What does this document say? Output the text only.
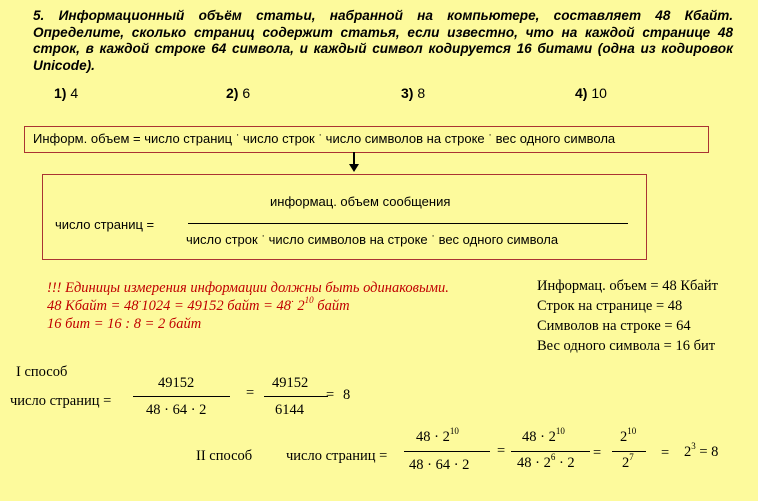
5. Информационный объём статьи, набранной на компьютере, составляет 48 Кбайт. Определите, сколько страниц содержит статья, если известно, что на каждой странице 48 строк, в каждой строке 64 символа, и каждый символ кодируется 16 битами (одна из кодировок Unicode).
1) 4	2) 6	3) 8	4) 10
Информ. объем = число страниц · число строк · число символов на строке · вес одного символа
число страниц =
информац. объем сообщения
число строк · число символов на строке · вес одного символа
!!! Единицы измерения информации должны быть одинаковыми.
48 Кбайт = 48·1024 = 49152 байт = 48· $2^{10}$ байт
16 бит = 16 : 8 = 2 байт
Информац. объем = 48 Кбайт
Строк на странице = 48
Символов на строке = 64
Вес одного символа = 16 бит
I способ
число страниц =
49152
48 · 64 · 2
=
49152
6144
= 8
II способ число страниц =
$48 \cdot 2^{10}$
48 · 64 · 2
=
$48 \cdot 2^{10}$
$48 \cdot 2^6 \cdot 2$
=
$2^{10}$
$2^7 = 2^3 = 8$
